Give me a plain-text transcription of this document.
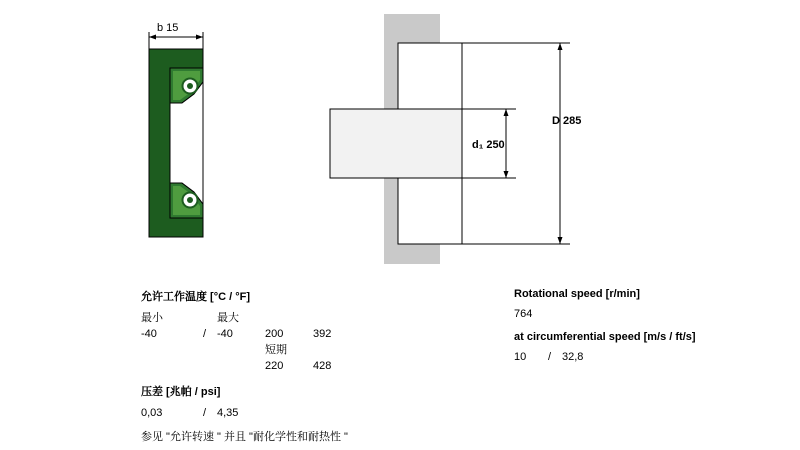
b 15
D 285
d₁ 250
允许工作温度 [°C / °F]
最小	最大
-40	/ -40	200	392
短期
220	428
压差 [兆帕 / psi]
0,03	/ 4,35
参见 "允许转速 " 并且 "耐化学性和耐热性 "
Rotational speed [r/min]
764
at circumferential speed [m/s / ft/s]
10	/ 32,8
